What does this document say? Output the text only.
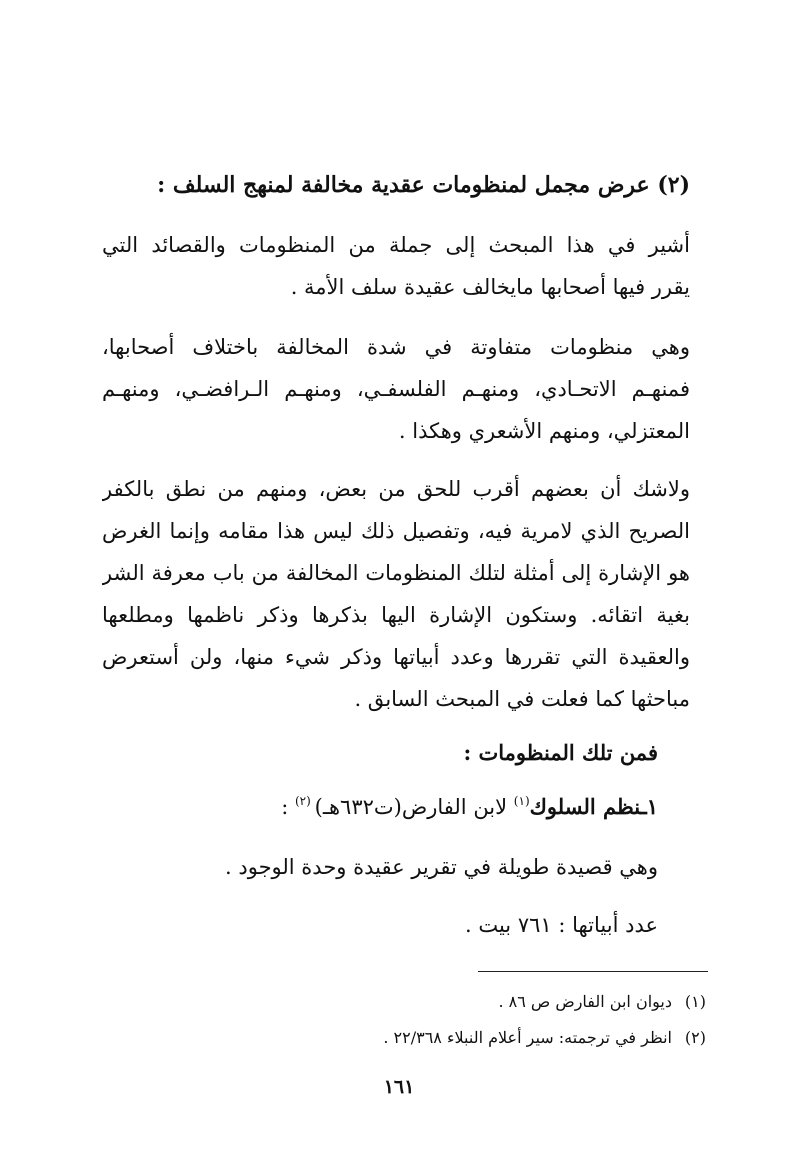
(٢) عرض مجمل لمنظومات عقدية مخالفة لمنهج السلف :
أشير في هذا المبحث إلى جملة من المنظومات والقصائد التي
يقرر فيها أصحابها مايخالف عقيدة سلف الأمة .
وهي منظومات متفاوتة في شدة المخالفة باختلاف أصحابها،
فمنهـم الاتحـادي، ومنهـم الفلسفـي، ومنهـم الـرافضـي، ومنهـم
المعتزلي، ومنهم الأشعري وهكذا .
ولاشك أن بعضهم أقرب للحق من بعض، ومنهم من نطق بالكفر
الصريح الذي لامرية فيه، وتفصيل ذلك ليس هذا مقامه وإنما الغرض
هو الإشارة إلى أمثلة لتلك المنظومات المخالفة من باب معرفة الشر
بغية اتقائه. وستكون الإشارة اليها بذكرها وذكر ناظمها ومطلعها
والعقيدة التي تقررها وعدد أبياتها وذكر شيء منها، ولن أستعرض
مباحثها كما فعلت في المبحث السابق .
فمن تلك المنظومات :
١ـنظم السلوك$^{(١)}$ لابن الفارض(ت٦٣٢هـ) $^{(٢)}$ :
وهي قصيدة طويلة في تقرير عقيدة وحدة الوجود .
عدد أبياتها : ٧٦١ بيت .
(١)ديوان ابن الفارض ص ٨٦ .
(٢)انظر في ترجمته: سير أعلام النبلاء ٢٢/٣٦٨ .
١٦١
